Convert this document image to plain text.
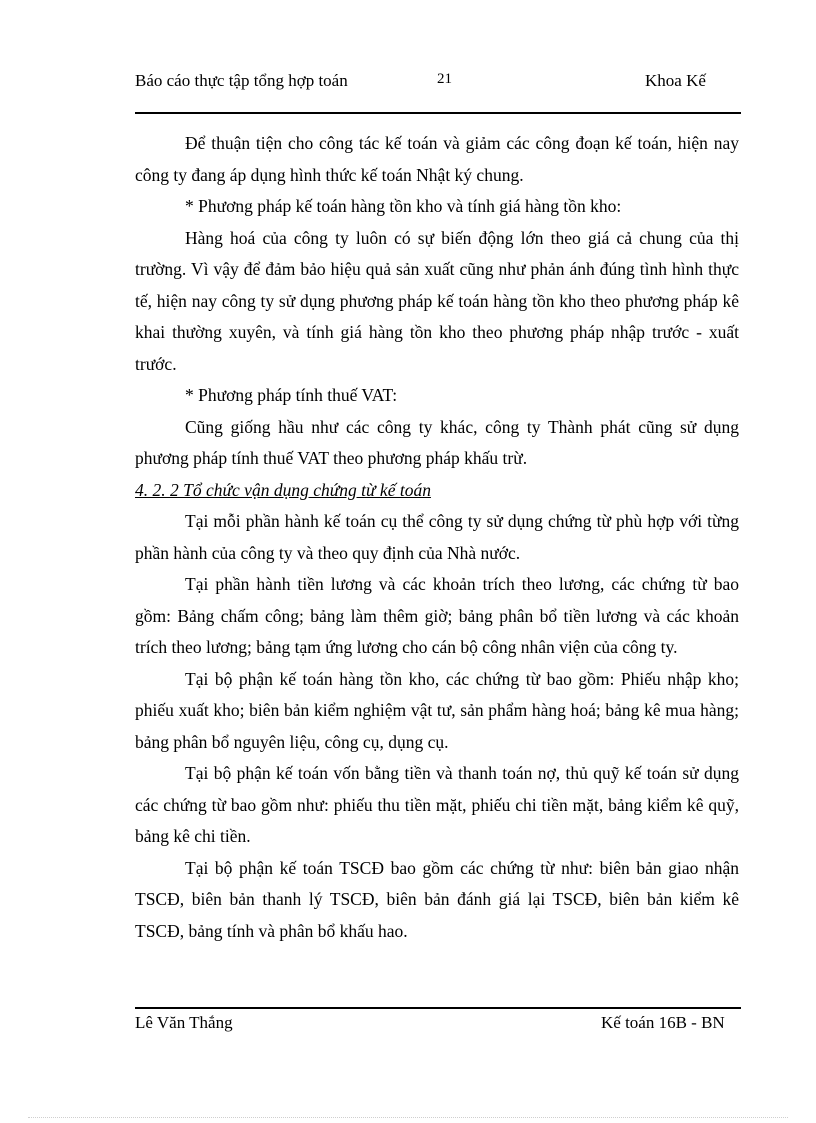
Báo cáo thực tập tổng hợp toán	21	Khoa Kế

Để thuận tiện cho công tác kế toán và giảm các công đoạn kế toán, hiện nay công ty đang áp dụng hình thức kế toán Nhật ký chung.

* Phương pháp kế toán hàng tồn kho và tính giá hàng tồn kho:

Hàng hoá của công ty luôn có sự biến động lớn theo giá cả chung của thị trường. Vì vậy để đảm bảo hiệu quả sản xuất cũng như phản ánh đúng tình hình thực tế, hiện nay công ty sử dụng phương pháp kế toán hàng tồn kho theo phương pháp kê khai thường xuyên, và tính giá hàng tồn kho theo phương pháp nhập trước - xuất trước.

* Phương pháp tính thuế VAT:

Cũng giống hầu như các công ty khác, công ty Thành phát cũng sử dụng phương pháp tính thuế VAT theo phương pháp khấu trừ.

4. 2. 2 Tổ chức vận dụng chứng từ kế toán

Tại mỗi phần hành kế toán cụ thể công ty sử dụng chứng từ phù hợp với từng phần hành của công ty và theo quy định của Nhà nước.

Tại phần hành tiền lương và các khoản trích theo lương, các chứng từ bao gồm: Bảng chấm công; bảng làm thêm giờ; bảng phân bổ tiền lương và các khoản trích theo lương; bảng tạm ứng lương cho cán bộ công nhân viện của công ty.

Tại bộ phận kế toán hàng tồn kho, các chứng từ bao gồm: Phiếu nhập kho; phiếu xuất kho; biên bản kiểm nghiệm vật tư, sản phẩm hàng hoá; bảng kê mua hàng; bảng phân bổ nguyên liệu, công cụ, dụng cụ.

Tại bộ phận kế toán vốn bằng tiền và thanh toán nợ, thủ quỹ kế toán sử dụng các chứng từ bao gồm như: phiếu thu tiền mặt, phiếu chi tiền mặt, bảng kiểm kê quỹ, bảng kê chi tiền.

Tại bộ phận kế toán TSCĐ bao gồm các chứng từ như: biên bản giao nhận TSCĐ, biên bản thanh lý TSCĐ, biên bản đánh giá lại TSCĐ, biên bản kiểm kê TSCĐ, bảng tính và phân bổ khấu hao.

Lê Văn Thắng	Kế toán 16B - BN
